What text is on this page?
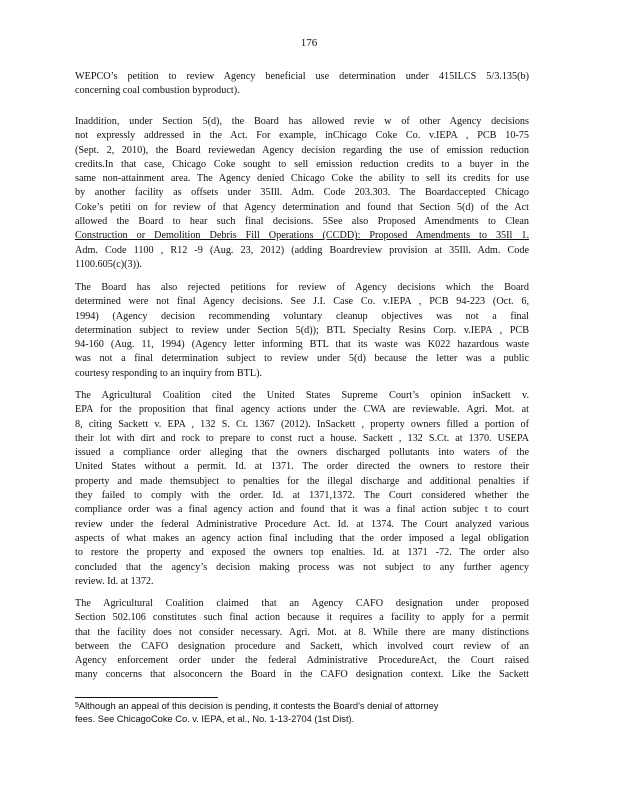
176
WEPCO’s petition to review Agency beneficial use determination under 415ILCS 5/3.135(b)
concerning coal combustion byproduct).
Inaddition, under Section 5(d), the Board has allowed revie w of other Agency decisions
not expressly addressed in the Act. For example, inChicago Coke Co. v.IEPA , PCB 10-75
(Sept. 2, 2010), the Board reviewedan Agency decision regarding the use of emission reduction
credits.In that case, Chicago Coke sought to sell emission reduction credits to a buyer in the
same non-attainment area. The Agency denied Chicago Coke the ability to sell its credits for use
by another facility as offsets under 35Ill. Adm. Code 203.303. The Boardaccepted Chicago
Coke’s petiti on for review of that Agency determination and found that Section 5(d) of the Act
allowed the Board to hear such final decisions. 5See also Proposed Amendments to Clean
Construction or Demolition Debris Fill Operations (CCDD): Proposed Amendments to 35Il 1.
Adm. Code 1100 , R12 -9 (Aug. 23, 2012) (adding Boardreview provision at 35Ill. Adm. Code
1100.605(c)(3)).
The Board has also rejected petitions for review of Agency decisions which the Board
determined were not final Agency decisions. See J.I. Case Co. v.IEPA , PCB 94-223 (Oct. 6,
1994) (Agency decision recommending voluntary cleanup objectives was not a final
determination subject to review under Section 5(d)); BTL Specialty Resins Corp. v.IEPA , PCB
94-160 (Aug. 11, 1994) (Agency letter informing BTL that its waste was K022 hazardous waste
was not a final determination subject to review under 5(d) because the letter was a public
courtesy responding to an inquiry from BTL).
The Agricultural Coalition cited the United States Supreme Court’s opinion inSackett v.
EPA for the proposition that final agency actions under the CWA are reviewable. Agri. Mot. at
8, citing Sackett v. EPA , 132 S. Ct. 1367 (2012). InSackett , property owners filled a portion of
their lot with dirt and rock to prepare to const ruct a house. Sackett , 132 S.Ct. at 1370. USEPA
issued a compliance order alleging that the owners discharged pollutants into waters of the
United States without a permit. Id. at 1371. The order directed the owners to restore their
property and made themsubject to penalties for the illegal discharge and additional penalties if
they failed to comply with the order. Id. at 1371,1372. The Court considered whether the
compliance order was a final agency action and found that it was a final action subjec t to court
review under the federal Administrative Procedure Act. Id. at 1374. The Court analyzed various
aspects of what makes an agency action final including that the order imposed a legal obligation
to restore the property and exposed the owners top enalties. Id. at 1371 -72. The order also
concluded that the agency’s decision making process was not subject to any further agency
review. Id. at 1372.
The Agricultural Coalition claimed that an Agency CAFO designation under proposed
Section 502.106 constitutes such final action because it requires a facility to apply for a permit
that the facility does not consider necessary. Agri. Mot. at 8. While there are many distinctions
between the CAFO designation procedure and Sackett, which involved court review of an
Agency enforcement order under the federal Administrative ProcedureAct, the Court raised
many concerns that alsoconcern the Board in the CAFO designation context. Like the Sackett
$^5$Although an appeal of this decision is pending, it contests the Board’s denial of attorney
fees. See ChicagoCoke Co. v. IEPA, et al., No. 1-13-2704 (1st Dist).
